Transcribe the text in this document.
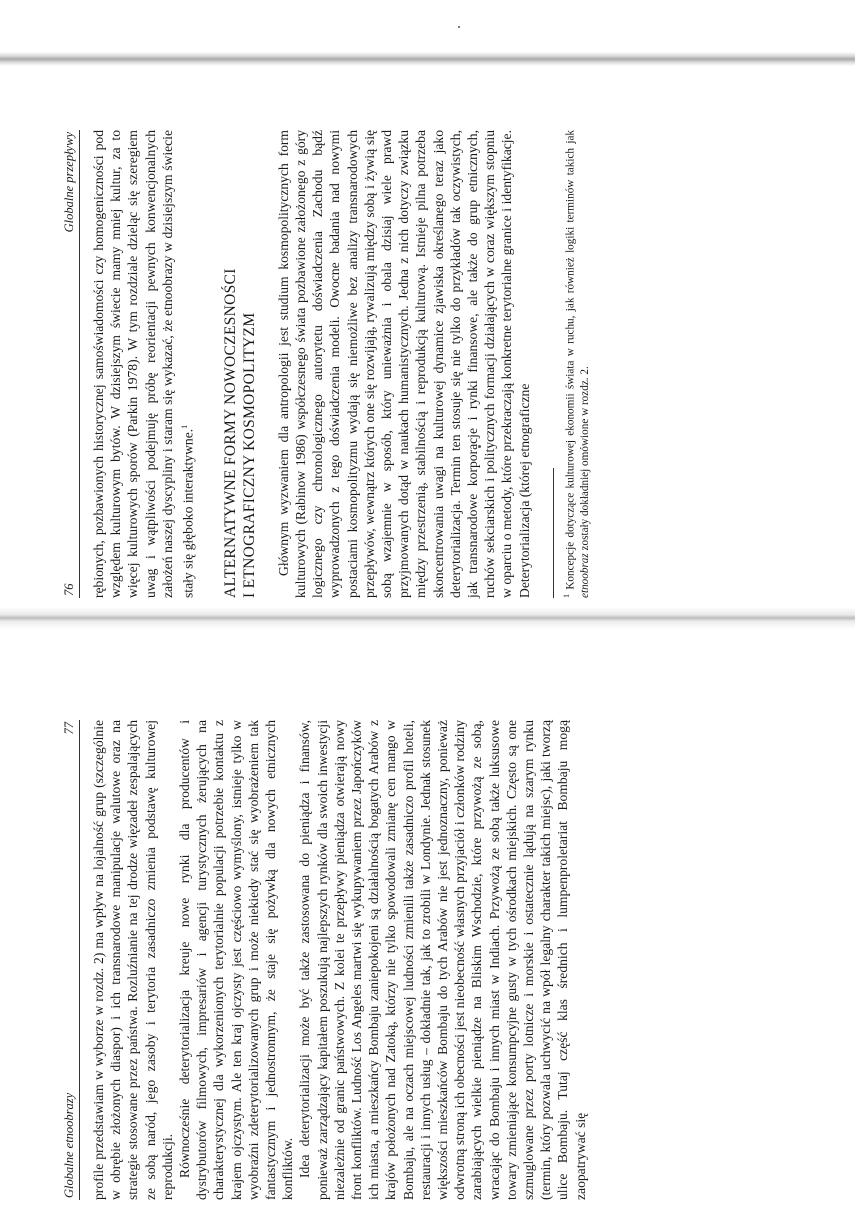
76
Globalne przepływy rębionych, pozbawionych historycznej samoświadomości czy homogeniczności pod względem kulturowym bytów. W dzisiejszym świecie mamy mniej kultur, za to więcej kulturowych sporów (Parkin 1978). W tym rozdziale dzieląc się szeregiem uwag i wątpliwości podejmuję próbę reorientacji pewnych konwencjonalnych założeń naszej dyscypliny i staram się wykazać, że etnoobrazy w dzisiejszym świecie stały się głęboko interaktywne.$^1$	ALTERNATYWNE FORMY NOWOCZESNOŚCI I ETNOGRAFICZNY KOSMOPOLITYZM Głównym wyzwaniem dla antropologii jest studium kosmopolitycznych form kulturowych (Rabinow 1986) współczesnego świata pozbawione założonego z góry logicznego czy chronologicznego autorytetu doświadczenia Zachodu bądź wyprowadzonych z tego doświadczenia modeli. Owocne badania nad nowymi postaciami kosmopolityzmu wydają się niemożliwe bez analizy transnarodowych przepływów, wewnątrz których one się rozwijają, rywalizują między sobą i żywią się sobą wzajemnie w sposób, który unieważnia i obala dzisiaj wiele prawd przyjmowanych dotąd w naukach humanistycznych. Jedna z nich dotyczy związku między przestrzenią, stabilnością i reprodukcją kulturową. Istnieje pilna potrzeba skoncentrowania uwagi na kulturowej dynamice zjawiska określanego teraz jako deterytorializacja. Termin ten stosuje się nie tylko do przykładów tak oczywistych, jak transnarodowe korporacje i rynki finansowe, ale także do grup etnicznych, ruchów sekciarskich i politycznych formacji działających w coraz większym stopniu w oparciu o metody, które przekraczają konkretne terytorialne granice i identyfikacje. Deterytorializacja (której etnograficzne	$^1$ Koncepcje dotyczące kulturowej ekonomii świata w ruchu, jak również logiki terminów takich jak etnoobraz zostały dokładniej omówione w rozdz. 2.

Globalne etnoobrazy
77 profile przedstawiam w wyborze w rozdz. 2) ma wpływ na lojalność grup (szczególnie w obrębie złożonych diaspor) i ich transnarodowe manipulacje walutowe oraz na strategie stosowane przez państwa. Rozluźnianie na tej drodze więzadeł zespalających ze sobą naród, jego zasoby i terytoria zasadniczo zmienia podstawę kulturowej reprodukcji. Równocześnie deterytorializacja kreuje nowe rynki dla producentów i dystrybutorów filmowych, impresariów i agencji turystycznych żerujących na charakterystycznej dla wykorzenionych terytorialnie populacji potrzebie kontaktu z krajem ojczystym. Ale ten kraj ojczysty jest częściowo wymyślony, istnieje tylko w wyobraźni zdeterytorializowanych grup i może niekiedy stać się wyobrażeniem tak fantastycznym i jednostronnym, że staje się pożywką dla nowych etnicznych konfliktów. Idea deterytorializacji może być także zastosowana do pieniądza i finansów, ponieważ zarządzający kapitałem poszukują najlepszych rynków dla swoich inwestycji niezależnie od granic państwowych. Z kolei te przepływy pieniądza otwierają nowy front konfliktów. Ludność Los Angeles martwi się wykupywaniem przez Japończyków ich miasta, a mieszkańcy Bombaju zaniepokojeni są działalnością bogatych Arabów z krajów położonych nad Zatoką, którzy nie tylko spowodowali zmianę cen mango w Bombaju, ale na oczach miejscowej ludności zmienili także zasadniczo profil hoteli, restauracji i innych usług – dokładnie tak, jak to zrobili w Londynie. Jednak stosunek większości mieszkańców Bombaju do tych Arabów nie jest jednoznaczny, ponieważ odwrotną stroną ich obecności jest nieobecność własnych przyjaciół i członków rodziny zarabiających wielkie pieniądze na Bliskim Wschodzie, które przywożą ze sobą, wracając do Bombaju i innych miast w Indiach. Przywożą ze sobą także luksusowe towary zmieniające konsumpcyjne gusty w tych ośrodkach miejskich. Często są one szmuglowane przez porty lotnicze i morskie i ostatecznie lądują na szarym rynku (termin, który pozwala uchwycić na wpół legalny charakter takich miejsc), jaki tworzą ulice Bombaju. Tutaj część klas średnich i lumpenproletariat Bombaju mogą zaopatrywać się
